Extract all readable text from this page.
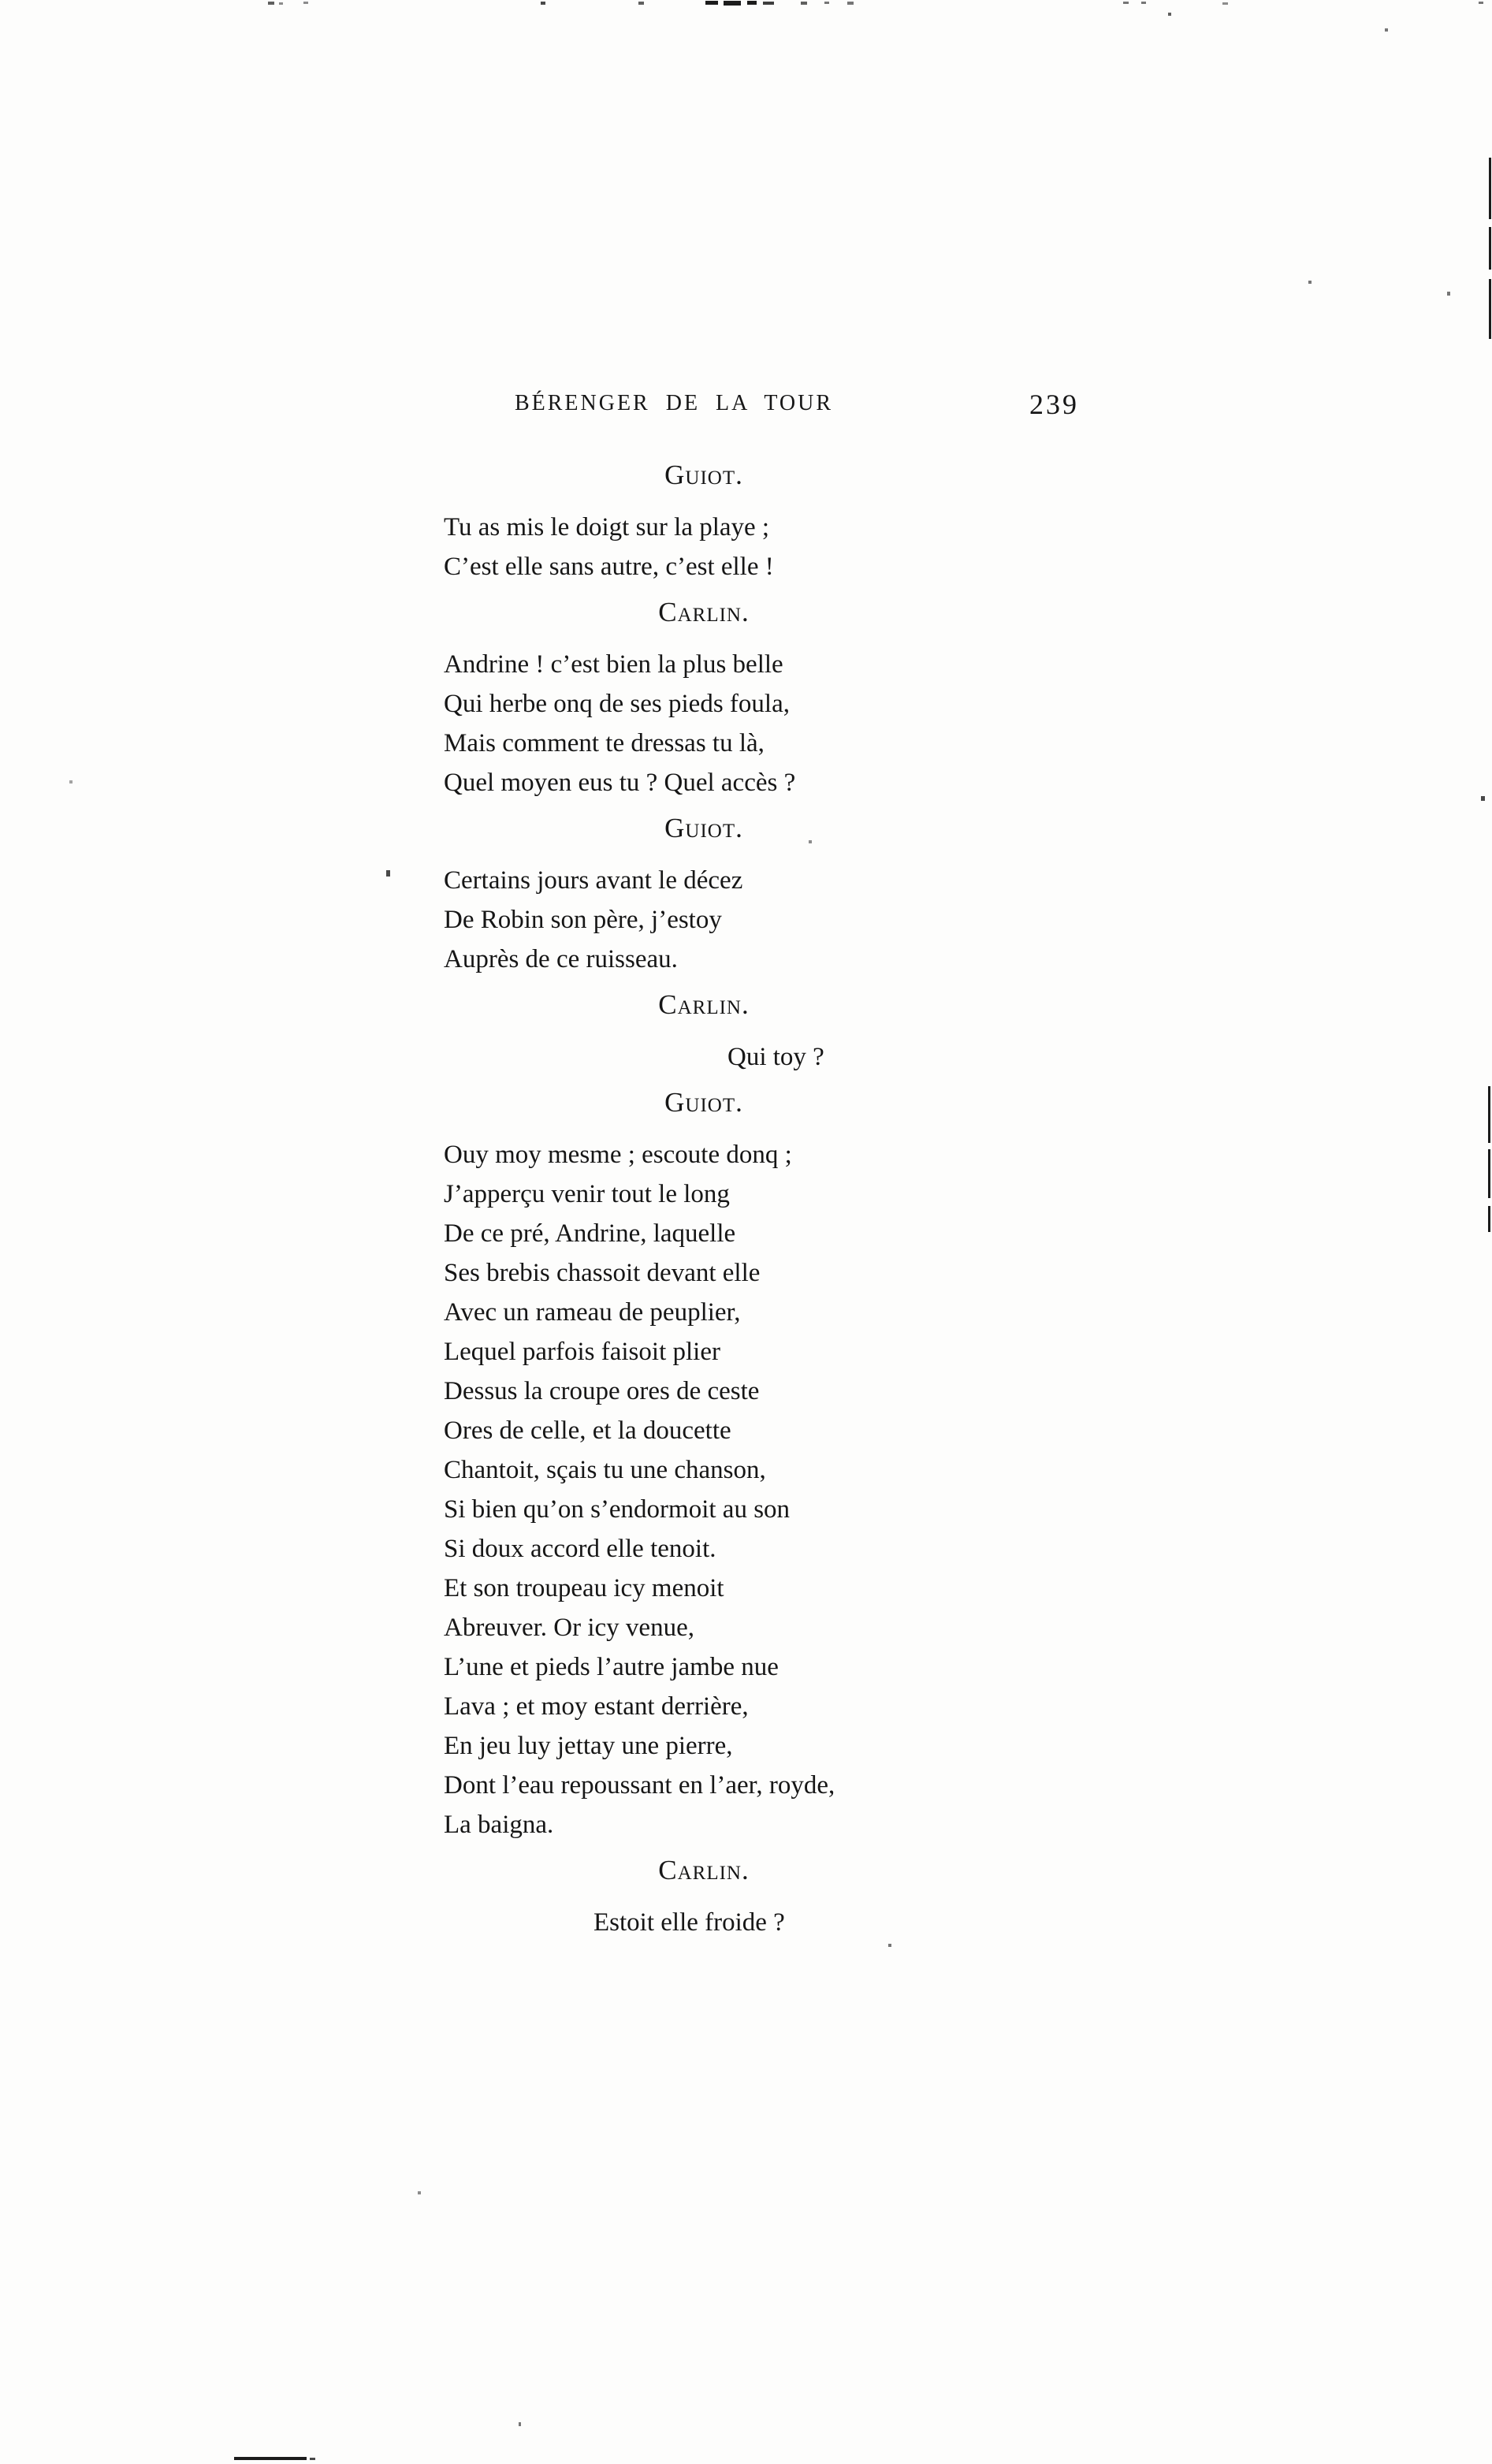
BÉRENGER DE LA TOUR	239
Guiot.
Tu as mis le doigt sur la playe ;
C’est elle sans autre, c’est elle !
Carlin.
Andrine ! c’est bien la plus belle
Qui herbe onq de ses pieds foula,
Mais comment te dressas tu là,
Quel moyen eus tu ? Quel accès ?
Guiot.
Certains jours avant le décez
De Robin son père, j’estoy
Auprès de ce ruisseau.
Carlin.
Qui toy ?
Guiot.
Ouy moy mesme ; escoute donq ;
J’apperçu venir tout le long
De ce pré, Andrine, laquelle
Ses brebis chassoit devant elle
Avec un rameau de peuplier,
Lequel parfois faisoit plier
Dessus la croupe ores de ceste
Ores de celle, et la doucette
Chantoit, sçais tu une chanson,
Si bien qu’on s’endormoit au son
Si doux accord elle tenoit.
Et son troupeau icy menoit
Abreuver. Or icy venue,
L’une et pieds l’autre jambe nue
Lava ; et moy estant derrière,
En jeu luy jettay une pierre,
Dont l’eau repoussant en l’aer, royde,
La baigna.
Carlin.
Estoit elle froide ?
